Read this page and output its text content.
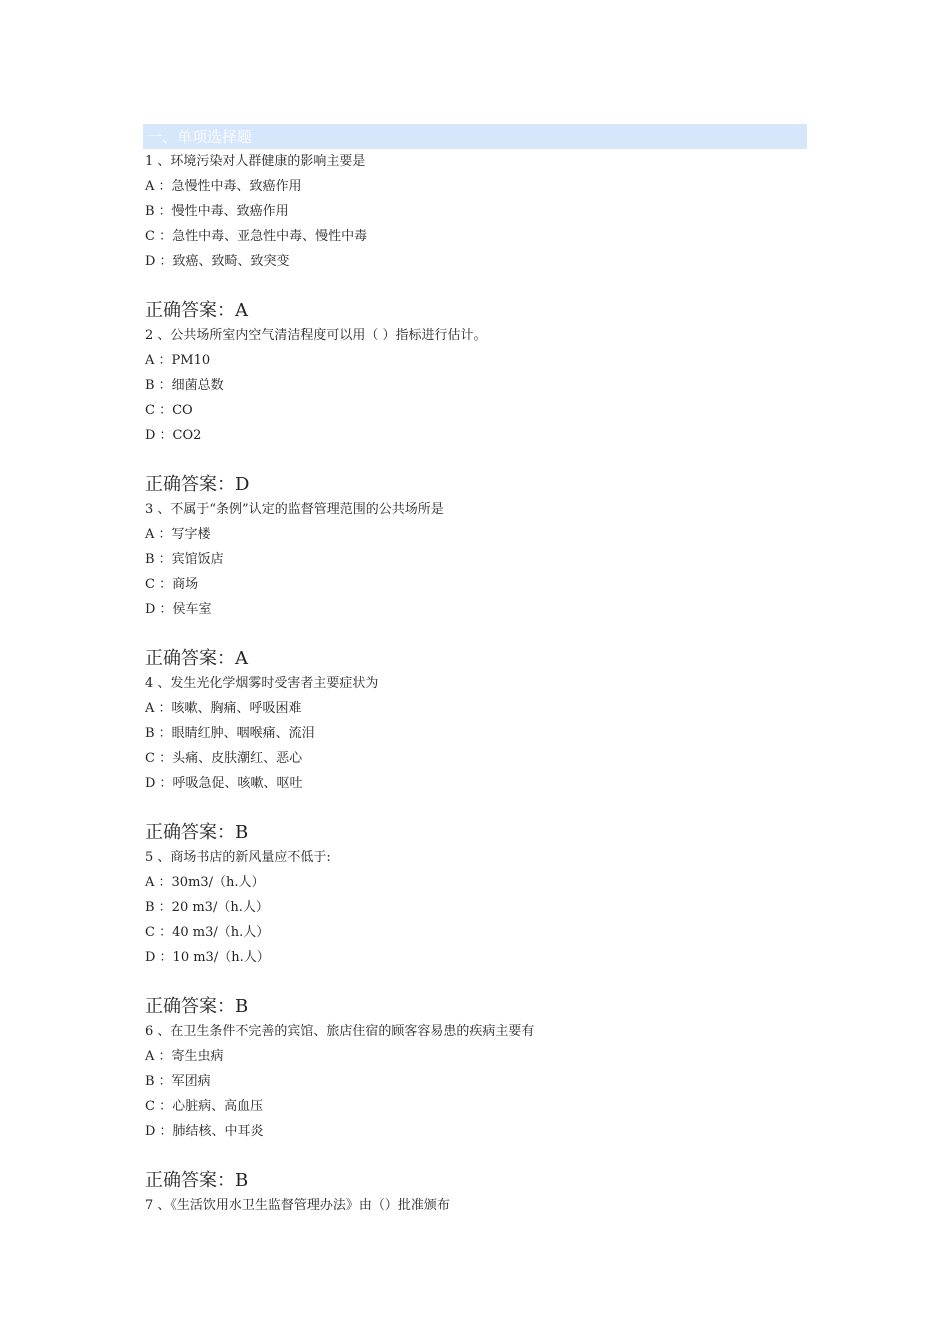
一、单项选择题
1 、环境污染对人群健康的影响主要是
A ：急慢性中毒、致癌作用
B ：慢性中毒、致癌作用
C ：急性中毒、亚急性中毒、慢性中毒
D ：致癌、致畸、致突变
正确答案：A
2 、公共场所室内空气清洁程度可以用（ ）指标进行估计。
A ：PM10
B ：细菌总数
C ：CO
D ：CO2
正确答案：D
3 、不属于“条例”认定的监督管理范围的公共场所是
A ：写字楼
B ：宾馆饭店
C ：商场
D ：侯车室
正确答案：A
4 、发生光化学烟雾时受害者主要症状为
A ：咳嗽、胸痛、呼吸困难
B ：眼睛红肿、咽喉痛、流泪
C ：头痛、皮肤潮红、恶心
D ：呼吸急促、咳嗽、呕吐
正确答案：B
5 、商场书店的新风量应不低于:
A ：30m3/（h.人）
B ：20 m3/（h.人）
C ：40 m3/（h.人）
D ：10 m3/（h.人）
正确答案：B
6 、在卫生条件不完善的宾馆、旅店住宿的顾客容易患的疾病主要有
A ：寄生虫病
B ：军团病
C ：心脏病、高血压
D ：肺结核、中耳炎
正确答案：B
7 、《生活饮用水卫生监督管理办法》由（）批准颁布
